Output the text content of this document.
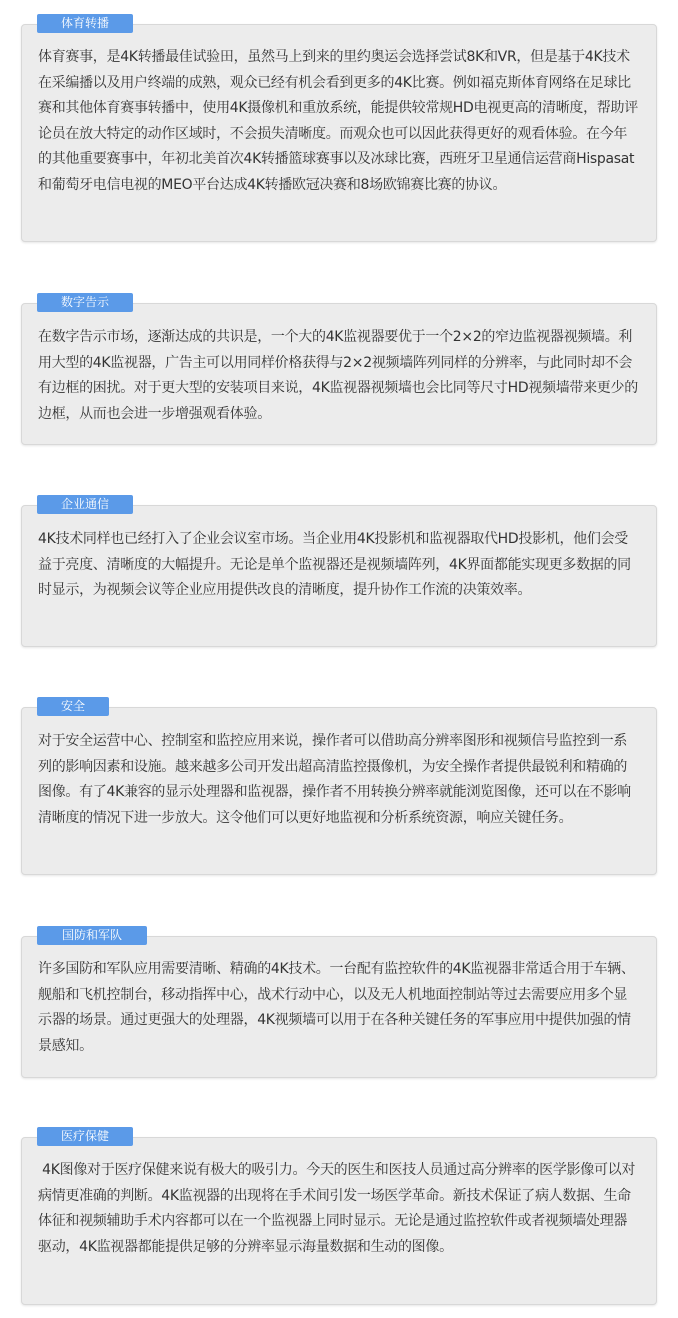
体育转播

体育赛事，是4K转播最佳试验田，虽然马上到来的里约奥运会选择尝试8K和VR，但是基于4K技术在采编播以及用户终端的成熟，观众已经有机会看到更多的4K比赛。例如福克斯体育网络在足球比赛和其他体育赛事转播中，使用4K摄像机和重放系统，能提供较常规HD电视更高的清晰度，帮助评论员在放大特定的动作区域时，不会损失清晰度。而观众也可以因此获得更好的观看体验。在今年的其他重要赛事中，年初北美首次4K转播篮球赛事以及冰球比赛，西班牙卫星通信运营商Hispasat和葡萄牙电信电视的MEO平台达成4K转播欧冠决赛和8场欧锦赛比赛的协议。

数字告示

在数字告示市场，逐渐达成的共识是，一个大的4K监视器要优于一个2×2的窄边监视器视频墙。利用大型的4K监视器，广告主可以用同样价格获得与2×2视频墙阵列同样的分辨率，与此同时却不会有边框的困扰。对于更大型的安装项目来说，4K监视器视频墙也会比同等尺寸HD视频墙带来更少的边框，从而也会进一步增强观看体验。

企业通信

4K技术同样也已经打入了企业会议室市场。当企业用4K投影机和监视器取代HD投影机，他们会受益于亮度、清晰度的大幅提升。无论是单个监视器还是视频墙阵列，4K界面都能实现更多数据的同时显示，为视频会议等企业应用提供改良的清晰度，提升协作工作流的决策效率。

安全

对于安全运营中心、控制室和监控应用来说，操作者可以借助高分辨率图形和视频信号监控到一系列的影响因素和设施。越来越多公司开发出超高清监控摄像机，为安全操作者提供最锐利和精确的图像。有了4K兼容的显示处理器和监视器，操作者不用转换分辨率就能浏览图像，还可以在不影响清晰度的情况下进一步放大。这令他们可以更好地监视和分析系统资源，响应关键任务。

国防和军队

许多国防和军队应用需要清晰、精确的4K技术。一台配有监控软件的4K监视器非常适合用于车辆、舰船和飞机控制台，移动指挥中心，战术行动中心，以及无人机地面控制站等过去需要应用多个显示器的场景。通过更强大的处理器，4K视频墙可以用于在各种关键任务的军事应用中提供加强的情景感知。

医疗保健

4K图像对于医疗保健来说有极大的吸引力。今天的医生和医技人员通过高分辨率的医学影像可以对病情更准确的判断。4K监视器的出现将在手术间引发一场医学革命。新技术保证了病人数据、生命体征和视频辅助手术内容都可以在一个监视器上同时显示。无论是通过监控软件或者视频墙处理器驱动，4K监视器都能提供足够的分辨率显示海量数据和生动的图像。
